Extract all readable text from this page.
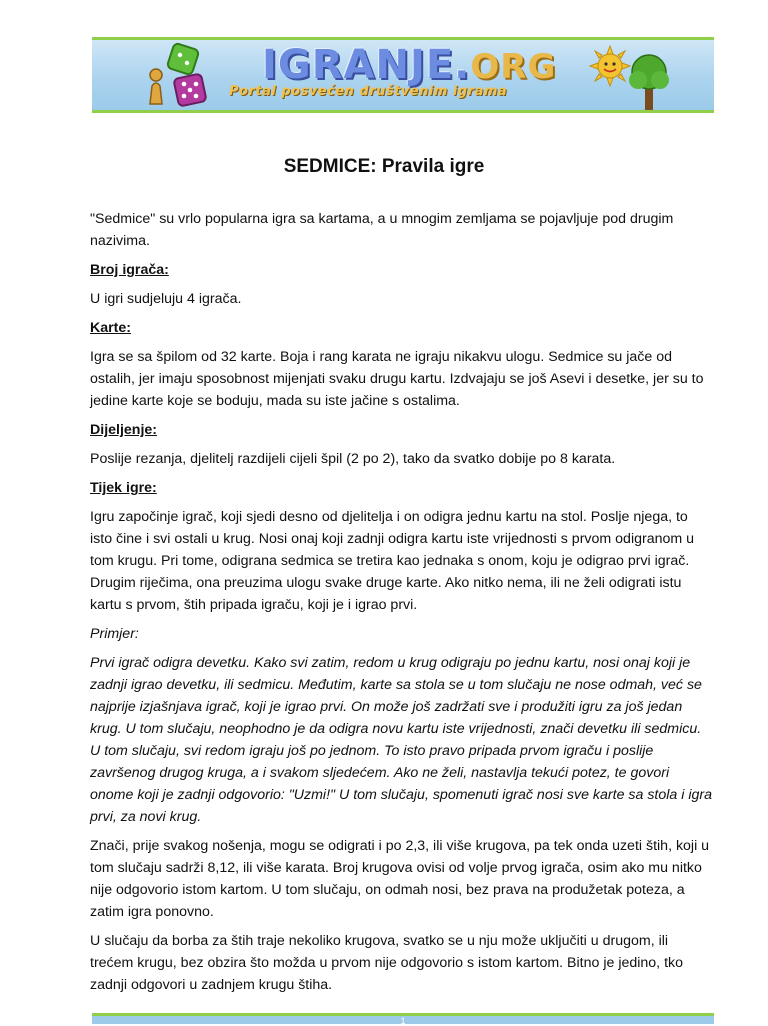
IGRANJE.ORG
Portal posvećen društvenim igrama
SEDMICE: Pravila igre

"Sedmice" su vrlo popularna igra sa kartama, a u mnogim zemljama se pojavljuje pod drugim nazivima.

Broj igrača:

U igri sudjeluju 4 igrača.

Karte:

Igra se sa špilom od 32 karte. Boja i rang karata ne igraju nikakvu ulogu. Sedmice su jače od ostalih, jer imaju sposobnost mijenjati svaku drugu kartu. Izdvajaju se još Asevi i desetke, jer su to jedine karte koje se boduju, mada su iste jačine s ostalima.

Dijeljenje:

Poslije rezanja, djelitelj razdijeli cijeli špil (2 po 2), tako da svatko dobije po 8 karata.

Tijek igre:

Igru započinje igrač, koji sjedi desno od djelitelja i on odigra jednu kartu na stol. Poslje njega, to isto čine i svi ostali u krug. Nosi onaj koji zadnji odigra kartu iste vrijednosti s prvom odigranom u tom krugu. Pri tome, odigrana sedmica se tretira kao jednaka s onom, koju je odigrao prvi igrač. Drugim riječima, ona preuzima ulogu svake druge karte. Ako nitko nema, ili ne želi odigrati istu kartu s prvom, štih pripada igraču, koji je i igrao prvi.

Primjer:

Prvi igrač odigra devetku. Kako svi zatim, redom u krug odigraju po jednu kartu, nosi onaj koji je zadnji igrao devetku, ili sedmicu. Međutim, karte sa stola se u tom slučaju ne nose odmah, već se najprije izjašnjava igrač, koji je igrao prvi. On može još zadržati sve i produžiti igru za još jedan krug. U tom slučaju, neophodno je da odigra novu kartu iste vrijednosti, znači devetku ili sedmicu. U tom slučaju, svi redom igraju još po jednom. To isto pravo pripada prvom igraču i poslije završenog drugog kruga, a i svakom sljedećem. Ako ne želi, nastavlja tekući potez, te govori onome koji je zadnji odgovorio: "Uzmi!" U tom slučaju, spomenuti igrač nosi sve karte sa stola i igra prvi, za novi krug.

Znači, prije svakog nošenja, mogu se odigrati i po 2,3, ili više krugova, pa tek onda uzeti štih, koji u tom slučaju sadrži 8,12, ili više karata. Broj krugova ovisi od volje prvog igrača, osim ako mu nitko nije odgovorio istom kartom. U tom slučaju, on odmah nosi, bez prava na produžetak poteza, a zatim igra ponovno.

U slučaju da borba za štih traje nekoliko krugova, svatko se u nju može uključiti u drugom, ili trećem krugu, bez obzira što možda u prvom nije odgovorio s istom kartom. Bitno je jedino, tko zadnji odgovori u zadnjem krugu štiha.

1
